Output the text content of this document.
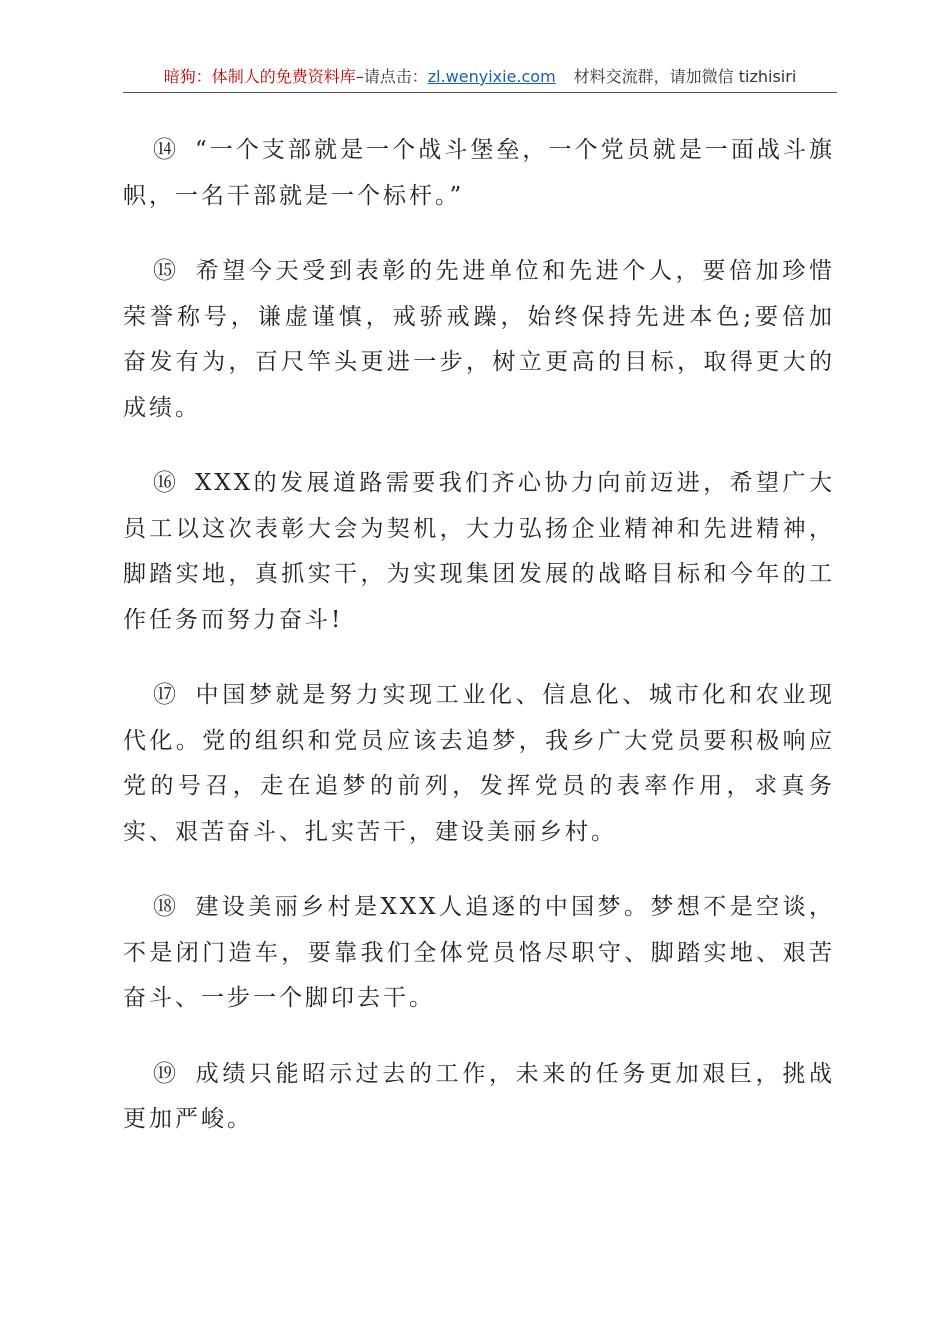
暗狗：体制人的免费资料库–请点击：zl.wenyixie.com 材料交流群，请加微信 tizhisiri

⑭ “一个支部就是一个战斗堡垒，一个党员就是一面战斗旗帜，一名干部就是一个标杆。”

⑮ 希望今天受到表彰的先进单位和先进个人，要倍加珍惜荣誉称号，谦虚谨慎，戒骄戒躁，始终保持先进本色;要倍加奋发有为，百尺竿头更进一步，树立更高的目标，取得更大的成绩。

⑯ XXX的发展道路需要我们齐心协力向前迈进，希望广大员工以这次表彰大会为契机，大力弘扬企业精神和先进精神，脚踏实地，真抓实干，为实现集团发展的战略目标和今年的工作任务而努力奋斗!

⑰ 中国梦就是努力实现工业化、信息化、城市化和农业现代化。党的组织和党员应该去追梦，我乡广大党员要积极响应党的号召，走在追梦的前列，发挥党员的表率作用，求真务实、艰苦奋斗、扎实苦干，建设美丽乡村。

⑱ 建设美丽乡村是XXX人追逐的中国梦。梦想不是空谈，不是闭门造车，要靠我们全体党员恪尽职守、脚踏实地、艰苦奋斗、一步一个脚印去干。

⑲ 成绩只能昭示过去的工作，未来的任务更加艰巨，挑战更加严峻。
